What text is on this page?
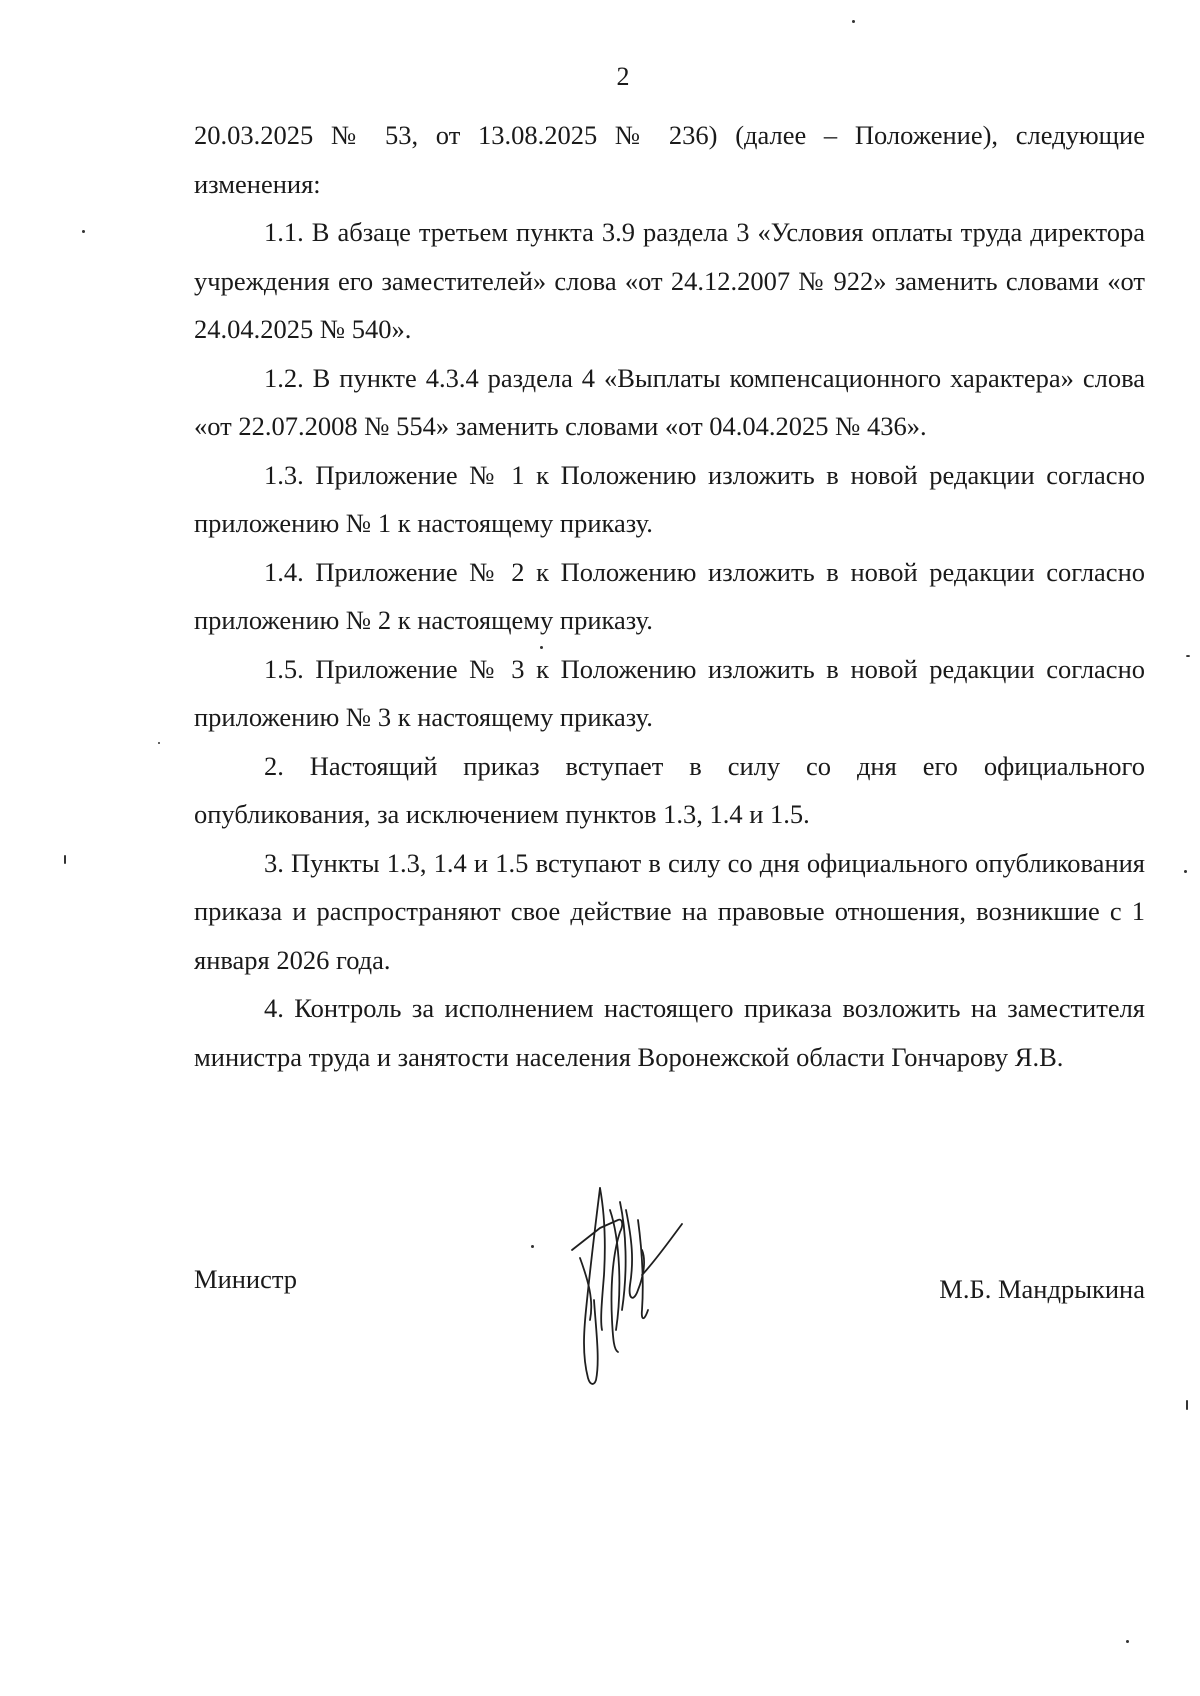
2

20.03.2025 № 53, от 13.08.2025 № 236) (далее – Положение), следующие изменения:

1.1. В абзаце третьем пункта 3.9 раздела 3 «Условия оплаты труда директора учреждения его заместителей» слова «от 24.12.2007 № 922» заменить словами «от 24.04.2025 № 540».

1.2. В пункте 4.3.4 раздела 4 «Выплаты компенсационного характера» слова «от 22.07.2008 № 554» заменить словами «от 04.04.2025 № 436».

1.3. Приложение № 1 к Положению изложить в новой редакции согласно приложению № 1 к настоящему приказу.

1.4. Приложение № 2 к Положению изложить в новой редакции согласно приложению № 2 к настоящему приказу.

1.5. Приложение № 3 к Положению изложить в новой редакции согласно приложению № 3 к настоящему приказу.

2. Настоящий приказ вступает в силу со дня его официального опубликования, за исключением пунктов 1.3, 1.4 и 1.5.

3. Пункты 1.3, 1.4 и 1.5 вступают в силу со дня официального опубликования приказа и распространяют свое действие на правовые отношения, возникшие с 1 января 2026 года.

4. Контроль за исполнением настоящего приказа возложить на заместителя министра труда и занятости населения Воронежской области Гончарову Я.В.

Министр	М.Б. Мандрыкина
